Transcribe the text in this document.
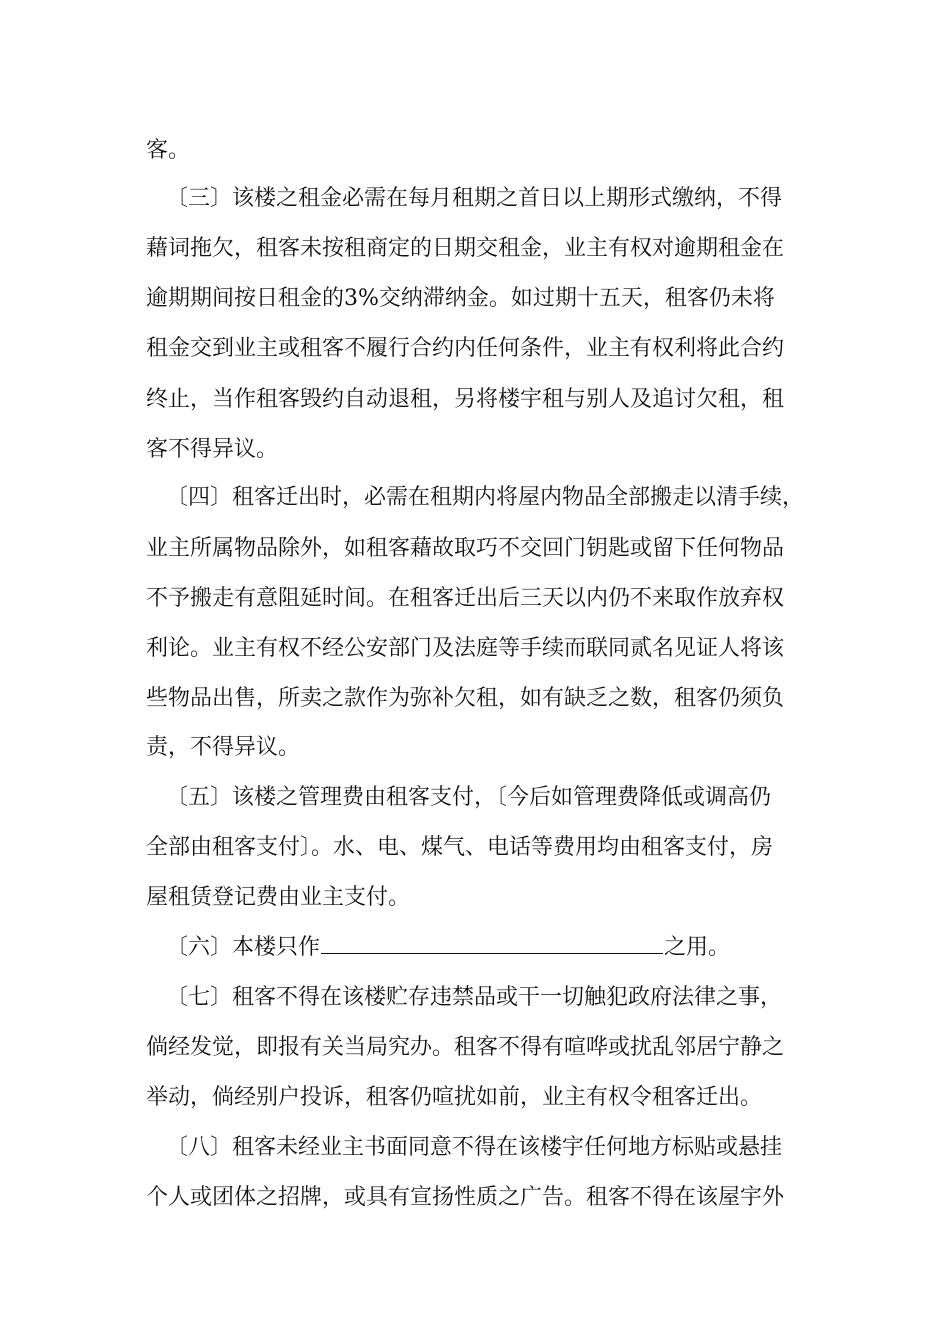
客。
〔三〕该楼之租金必需在每月租期之首日以上期形式缴纳，不得
藉词拖欠，租客未按租商定的日期交租金，业主有权对逾期租金在
逾期期间按日租金的3%交纳滞纳金。如过期十五天，租客仍未将
租金交到业主或租客不履行合约内任何条件，业主有权利将此合约
终止，当作租客毁约自动退租，另将楼宇租与别人及追讨欠租，租
客不得异议。
〔四〕租客迁出时，必需在租期内将屋内物品全部搬走以清手续，
业主所属物品除外，如租客藉故取巧不交回门钥匙或留下任何物品
不予搬走有意阻延时间。在租客迁出后三天以内仍不来取作放弃权
利论。业主有权不经公安部门及法庭等手续而联同贰名见证人将该
些物品出售，所卖之款作为弥补欠租，如有缺乏之数，租客仍须负
责，不得异议。
〔五〕该楼之管理费由租客支付，〔今后如管理费降低或调高仍
全部由租客支付〕。水、电、煤气、电话等费用均由租客支付，房
屋租赁登记费由业主支付。
〔六〕本楼只作	之用。
〔七〕租客不得在该楼贮存违禁品或干一切触犯政府法律之事，
倘经发觉，即报有关当局究办。租客不得有喧哗或扰乱邻居宁静之
举动，倘经别户投诉，租客仍喧扰如前，业主有权令租客迁出。
〔八〕租客未经业主书面同意不得在该楼宇任何地方标贴或悬挂
个人或团体之招牌，或具有宣扬性质之广告。租客不得在该屋宇外
